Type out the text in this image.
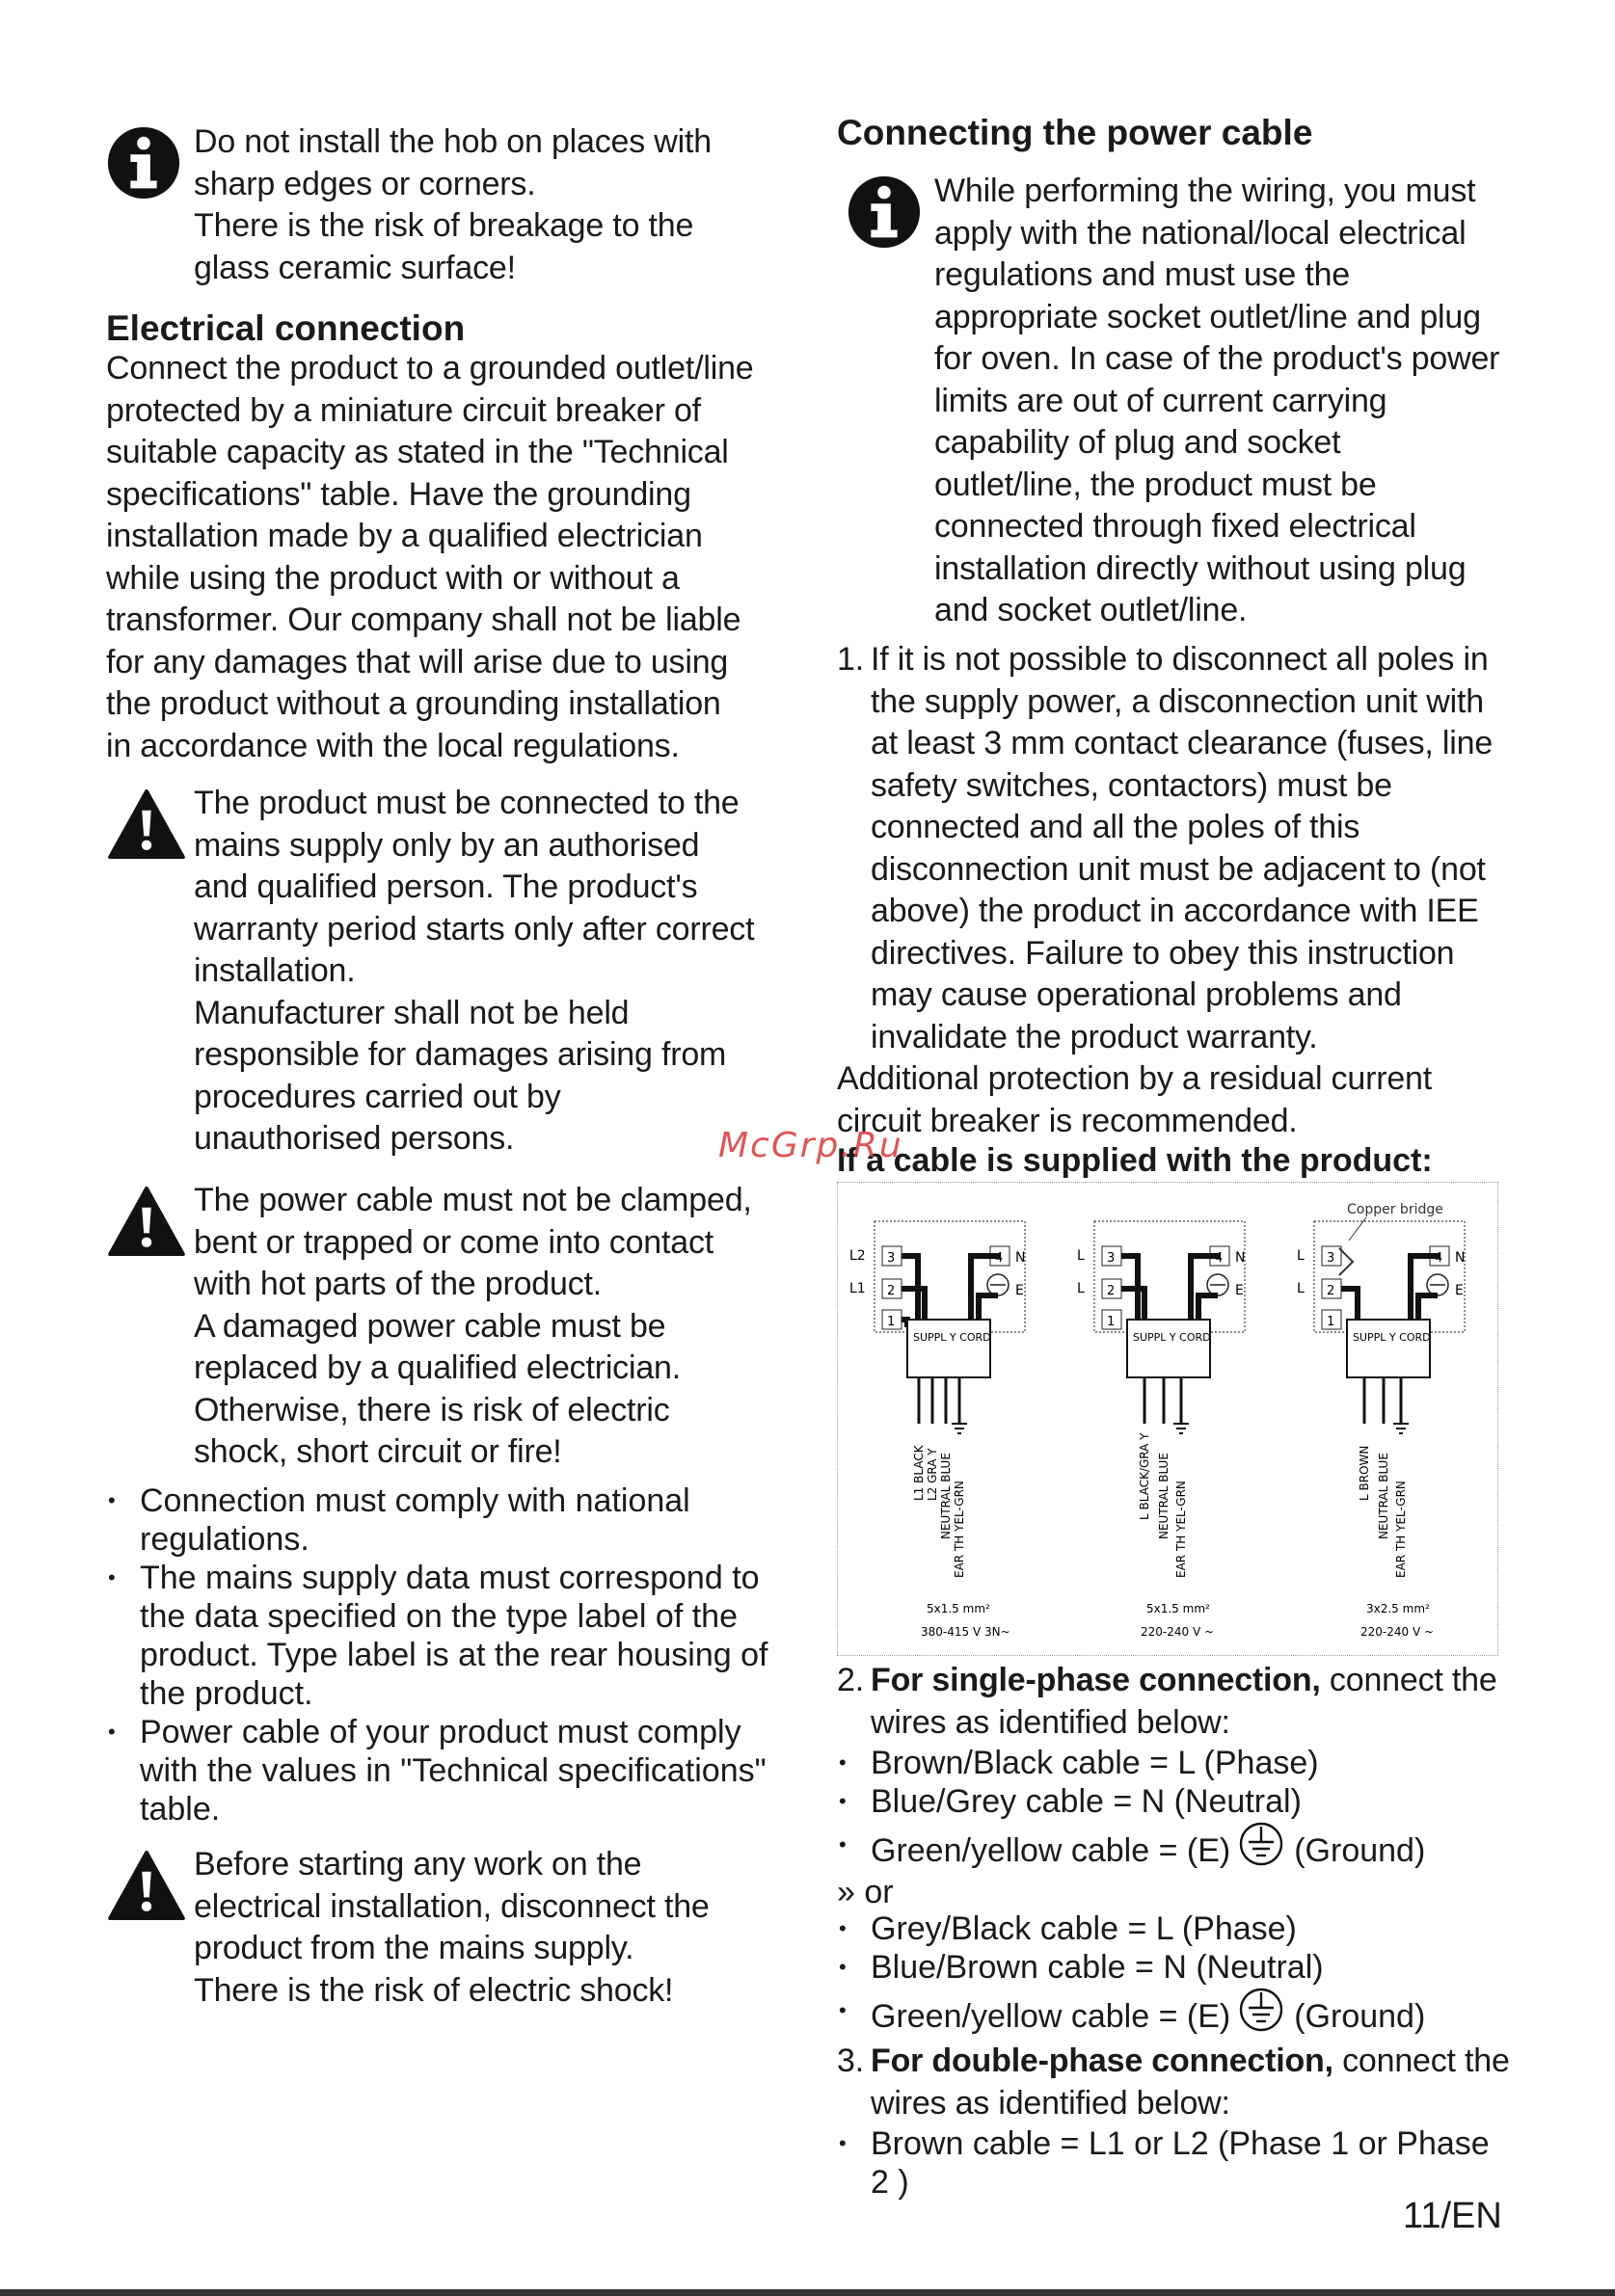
Do not install the hob on places with

sharp edges or corners.

There is the risk of breakage to the

glass ceramic surface!

Electrical connection

Connect the product to a grounded outlet/line

protected by a miniature circuit breaker of

suitable capacity as stated in the "Technical

specifications" table. Have the grounding

installation made by a qualified electrician

while using the product with or without a

transformer. Our company shall not be liable

for any damages that will arise due to using

the product without a grounding installation

in accordance with the local regulations.

The product must be connected to the

mains supply only by an authorised

and qualified person. The product's

warranty period starts only after correct

installation.

Manufacturer shall not be held

responsible for damages arising from

procedures carried out by

unauthorised persons.

The power cable must not be clamped,

bent or trapped or come into contact

with hot parts of the product.

A damaged power cable must be

replaced by a qualified electrician.

Otherwise, there is risk of electric

shock, short circuit or fire!

• Connection must comply with national
regulations.
• The mains supply data must correspond to
the data specified on the type label of the
product. Type label is at the rear housing of
the product.
• Power cable of your product must comply
with the values in "Technical specifications"
table.

Before starting any work on the

electrical installation, disconnect the

product from the mains supply.

There is the risk of electric shock!

Connecting the power cable

While performing the wiring, you must

apply with the national/local electrical

regulations and must use the

appropriate socket outlet/line and plug

for oven. In case of the product's power

limits are out of current carrying

capability of plug and socket

outlet/line, the product must be

connected through fixed electrical

installation directly without using plug

and socket outlet/line.

1. If it is not possible to disconnect all poles in
the supply power, a disconnection unit with
at least 3 mm contact clearance (fuses, line
safety switches, contactors) must be
connected and all the poles of this
disconnection unit must be adjacent to (not
above) the product in accordance with IEE
directives. Failure to obey this instruction
may cause operational problems and
invalidate the product warranty.

Additional protection by a residual current

circuit breaker is recommended.

If a cable is supplied with the product:

McGrp.Ru
Copper bridge
L2
L1
3
2
1
4 N
E
SUPPL Y CORD
L1 BLACK L2 GRA Y NEUTRAL BLUE EAR TH YEL-GRN
5x1.5 mm²
380-415 V 3N~
L
L
3
2
1
4 N
E
SUPPL Y CORD
L BLACK/GRA Y NEUTRAL BLUE EAR TH YEL-GRN
5x1.5 mm²
220-240 V ~
L
L
3
2
1
4 N
E
SUPPL Y CORD
L BROWN NEUTRAL BLUE EAR TH YEL-GRN
3x2.5 mm²
220-240 V ~
2. For single-phase connection, connect the
wires as identified below:
• Brown/Black cable = L (Phase)
• Blue/Grey cable = N (Neutral)
• Green/yellow cable = (E) (Ground)

» or

• Grey/Black cable = L (Phase)
• Blue/Brown cable = N (Neutral)
• Green/yellow cable = (E) (Ground)
3. For double-phase connection, connect the
wires as identified below:
• Brown cable = L1 or L2 (Phase 1 or Phase 2 )
11/EN
